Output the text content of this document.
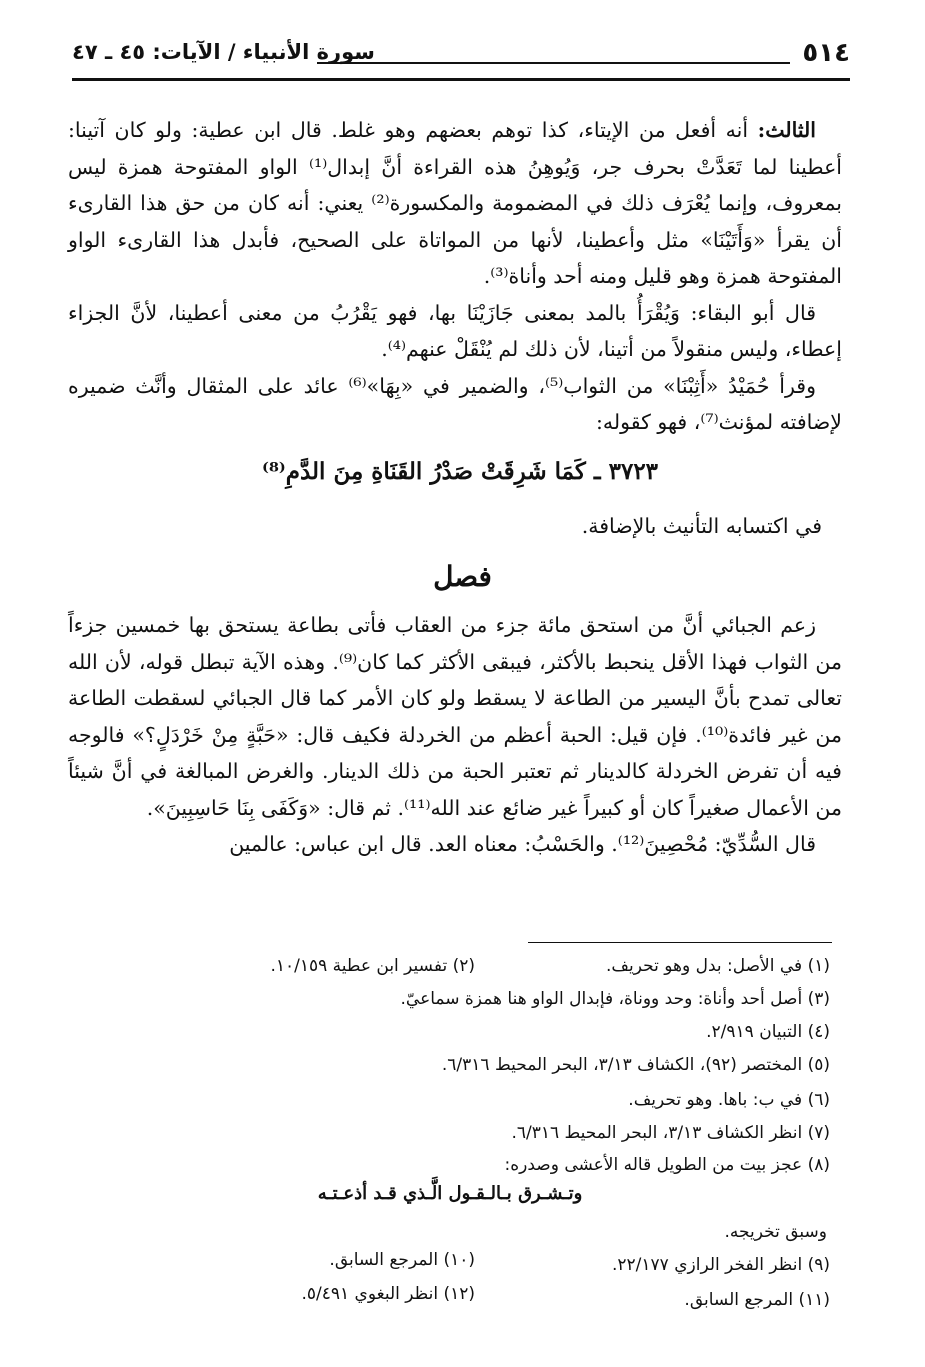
٥١٤
سورة الأنبياء / الآيات: ٤٥ ـ ٤٧

الثالث: أنه أفعل من الإيتاء، كذا توهم بعضهم وهو غلط. قال ابن عطية: ولو كان آتينا: أعطينا لما تَعَدَّتْ بحرف جر، وَيُوهِنُ هذه القراءة أنَّ إبدال⁽¹⁾ الواو المفتوحة همزة ليس بمعروف، وإنما يُعْرَف ذلك في المضمومة والمكسورة⁽²⁾ يعني: أنه كان من حق هذا القارىء أن يقرأ «وَأَتَيْنَا» مثل وأعطينا، لأنها من المواتاة على الصحيح، فأبدل هذا القارىء الواو المفتوحة همزة وهو قليل ومنه أحد وأناة⁽³⁾.

قال أبو البقاء: وَيُقْرَأُ بالمد بمعنى جَازَيْنَا بها، فهو يَقْرُبُ من معنى أعطينا، لأنَّ الجزاء إعطاء، وليس منقولاً من أتينا، لأن ذلك لم يُنْقَلْ عنهم⁽⁴⁾.

وقرأ حُمَيْدُ «أَثِبْنَا» من الثواب⁽⁵⁾، والضمير في «بِهَا»⁽⁶⁾ عائد على المثقال وأنَّث ضميره لإضافته لمؤنث⁽⁷⁾، فهو كقوله:

٣٧٢٣ ـ كَمَا شَرِقَتْ صَدْرُ القَنَاةِ مِنَ الدَّمِ⁽⁸⁾
في اكتسابه التأنيث بالإضافة.
فصل

زعم الجبائي أنَّ من استحق مائة جزء من العقاب فأتى بطاعة يستحق بها خمسين جزءاً من الثواب فهذا الأقل ينحبط بالأكثر، فيبقى الأكثر كما كان⁽⁹⁾. وهذه الآية تبطل قوله، لأن الله تعالى تمدح بأنَّ اليسير من الطاعة لا يسقط ولو كان الأمر كما قال الجبائي لسقطت الطاعة من غير فائدة⁽¹⁰⁾. فإن قيل: الحبة أعظم من الخردلة فكيف قال: «حَبَّةٍ مِنْ خَرْدَلٍ؟» فالوجه فيه أن تفرض الخردلة كالدينار ثم تعتبر الحبة من ذلك الدينار. والغرض المبالغة في أنَّ شيئاً من الأعمال صغيراً كان أو كبيراً غير ضائع عند الله⁽¹¹⁾. ثم قال: «وَكَفَى بِنَا حَاسِبِينَ».

قال السُّدِّيّ: مُحْصِينَ⁽¹²⁾. والحَسْبُ: معناه العد. قال ابن عباس: عالمين

(١) في الأصل: بدل وهو تحريف.
(٢) تفسير ابن عطية ١٠/١٥٩.
(٣) أصل أحد وأناة: وحد ووناة، فإبدال الواو هنا همزة سماعيّ.
(٤) التبيان ٢/٩١٩.
(٥) المختصر (٩٢)، الكشاف ٣/١٣، البحر المحيط ٦/٣١٦.
(٦) في ب: باها. وهو تحريف.
(٧) انظر الكشاف ٣/١٣، البحر المحيط ٦/٣١٦.
(٨) عجز بيت من الطويل قاله الأعشى وصدره:
وتـشـرق بـالـقـول الَّـذي قـد أذعـتـه
وسبق تخريجه.
(٩) انظر الفخر الرازي ٢٢/١٧٧.
(١٠) المرجع السابق.
(١١) المرجع السابق.
(١٢) انظر البغوي ٥/٤٩١.
